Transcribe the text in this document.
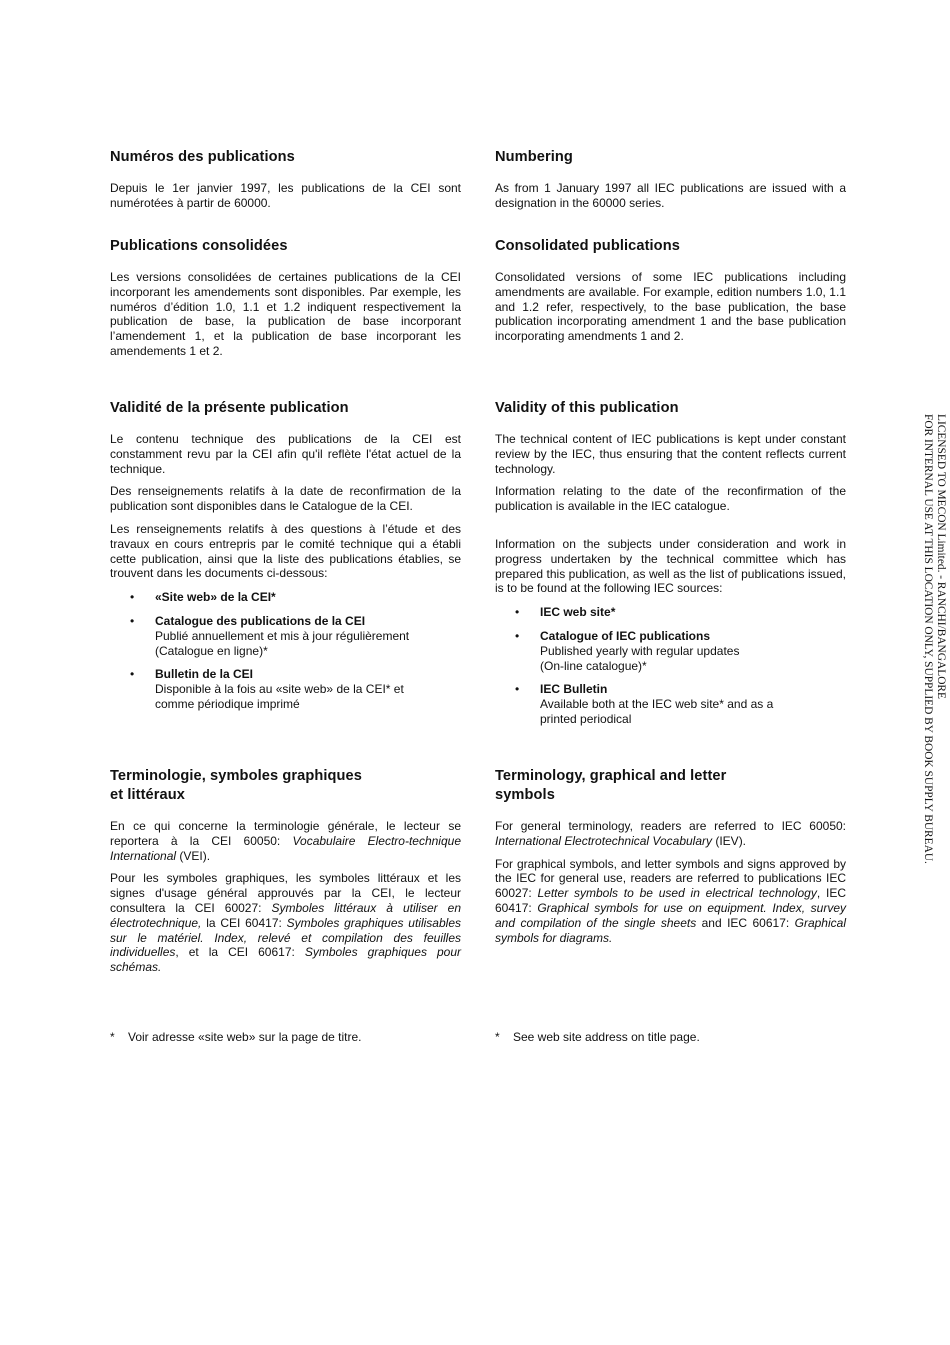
Numéros des publications

Depuis le 1er janvier 1997, les publications de la CEI sont numérotées à partir de 60000.

Publications consolidées

Les versions consolidées de certaines publications de la CEI incorporant les amendements sont disponibles. Par exemple, les numéros d’édition 1.0, 1.1 et 1.2 indiquent respectivement la publication de base, la publication de base incorporant l’amendement 1, et la publication de base incorporant les amendements 1 et 2.

Validité de la présente publication

Le contenu technique des publications de la CEI est constamment revu par la CEI afin qu'il reflète l'état actuel de la technique.

Des renseignements relatifs à la date de reconfirmation de la publication sont disponibles dans le Catalogue de la CEI.

Les renseignements relatifs à des questions à l’étude et des travaux en cours entrepris par le comité technique qui a établi cette publication, ainsi que la liste des publications établies, se trouvent dans les documents ci-dessous:

• «Site web» de la CEI*
• Catalogue des publications de la CEI
Publié annuellement et mis à jour régulièrement
(Catalogue en ligne)*
• Bulletin de la CEI
Disponible à la fois au «site web» de la CEI* et
comme périodique imprimé
Terminologie, symboles graphiques
et littéraux

En ce qui concerne la terminologie générale, le lecteur se reportera à la CEI 60050: Vocabulaire Electro-technique International (VEI).

Pour les symboles graphiques, les symboles littéraux et les signes d'usage général approuvés par la CEI, le lecteur consultera la CEI 60027: Symboles littéraux à utiliser en électrotechnique, la CEI 60417: Symboles graphiques utilisables sur le matériel. Index, relevé et compilation des feuilles individuelles, et la CEI 60617: Symboles graphiques pour schémas.

Numbering

As from 1 January 1997 all IEC publications are issued with a designation in the 60000 series.

Consolidated publications

Consolidated versions of some IEC publications including amendments are available. For example, edition numbers 1.0, 1.1 and 1.2 refer, respectively, to the base publication, the base publication incorporating amendment 1 and the base publication incorporating amendments 1 and 2.

Validity of this publication

The technical content of IEC publications is kept under constant review by the IEC, thus ensuring that the content reflects current technology.

Information relating to the date of the reconfirmation of the publication is available in the IEC catalogue.

Information on the subjects under consideration and work in progress undertaken by the technical committee which has prepared this publication, as well as the list of publications issued, is to be found at the following IEC sources:

• IEC web site*
• Catalogue of IEC publications
Published yearly with regular updates
(On-line catalogue)*
• IEC Bulletin
Available both at the IEC web site* and as a
printed periodical
Terminology, graphical and letter
symbols

For general terminology, readers are referred to IEC 60050: International Electrotechnical Vocabulary (IEV).

For graphical symbols, and letter symbols and signs approved by the IEC for general use, readers are referred to publications IEC 60027: Letter symbols to be used in electrical technology, IEC 60417: Graphical symbols for use on equipment. Index, survey and compilation of the single sheets and IEC 60617: Graphical symbols for diagrams.

* Voir adresse «site web» sur la page de titre.	* See web site address on title page.
LICENSED TO MECON Limited. - RANCHI/BANGALORE
FOR INTERNAL USE AT THIS LOCATION ONLY, SUPPLIED BY BOOK SUPPLY BUREAU.
